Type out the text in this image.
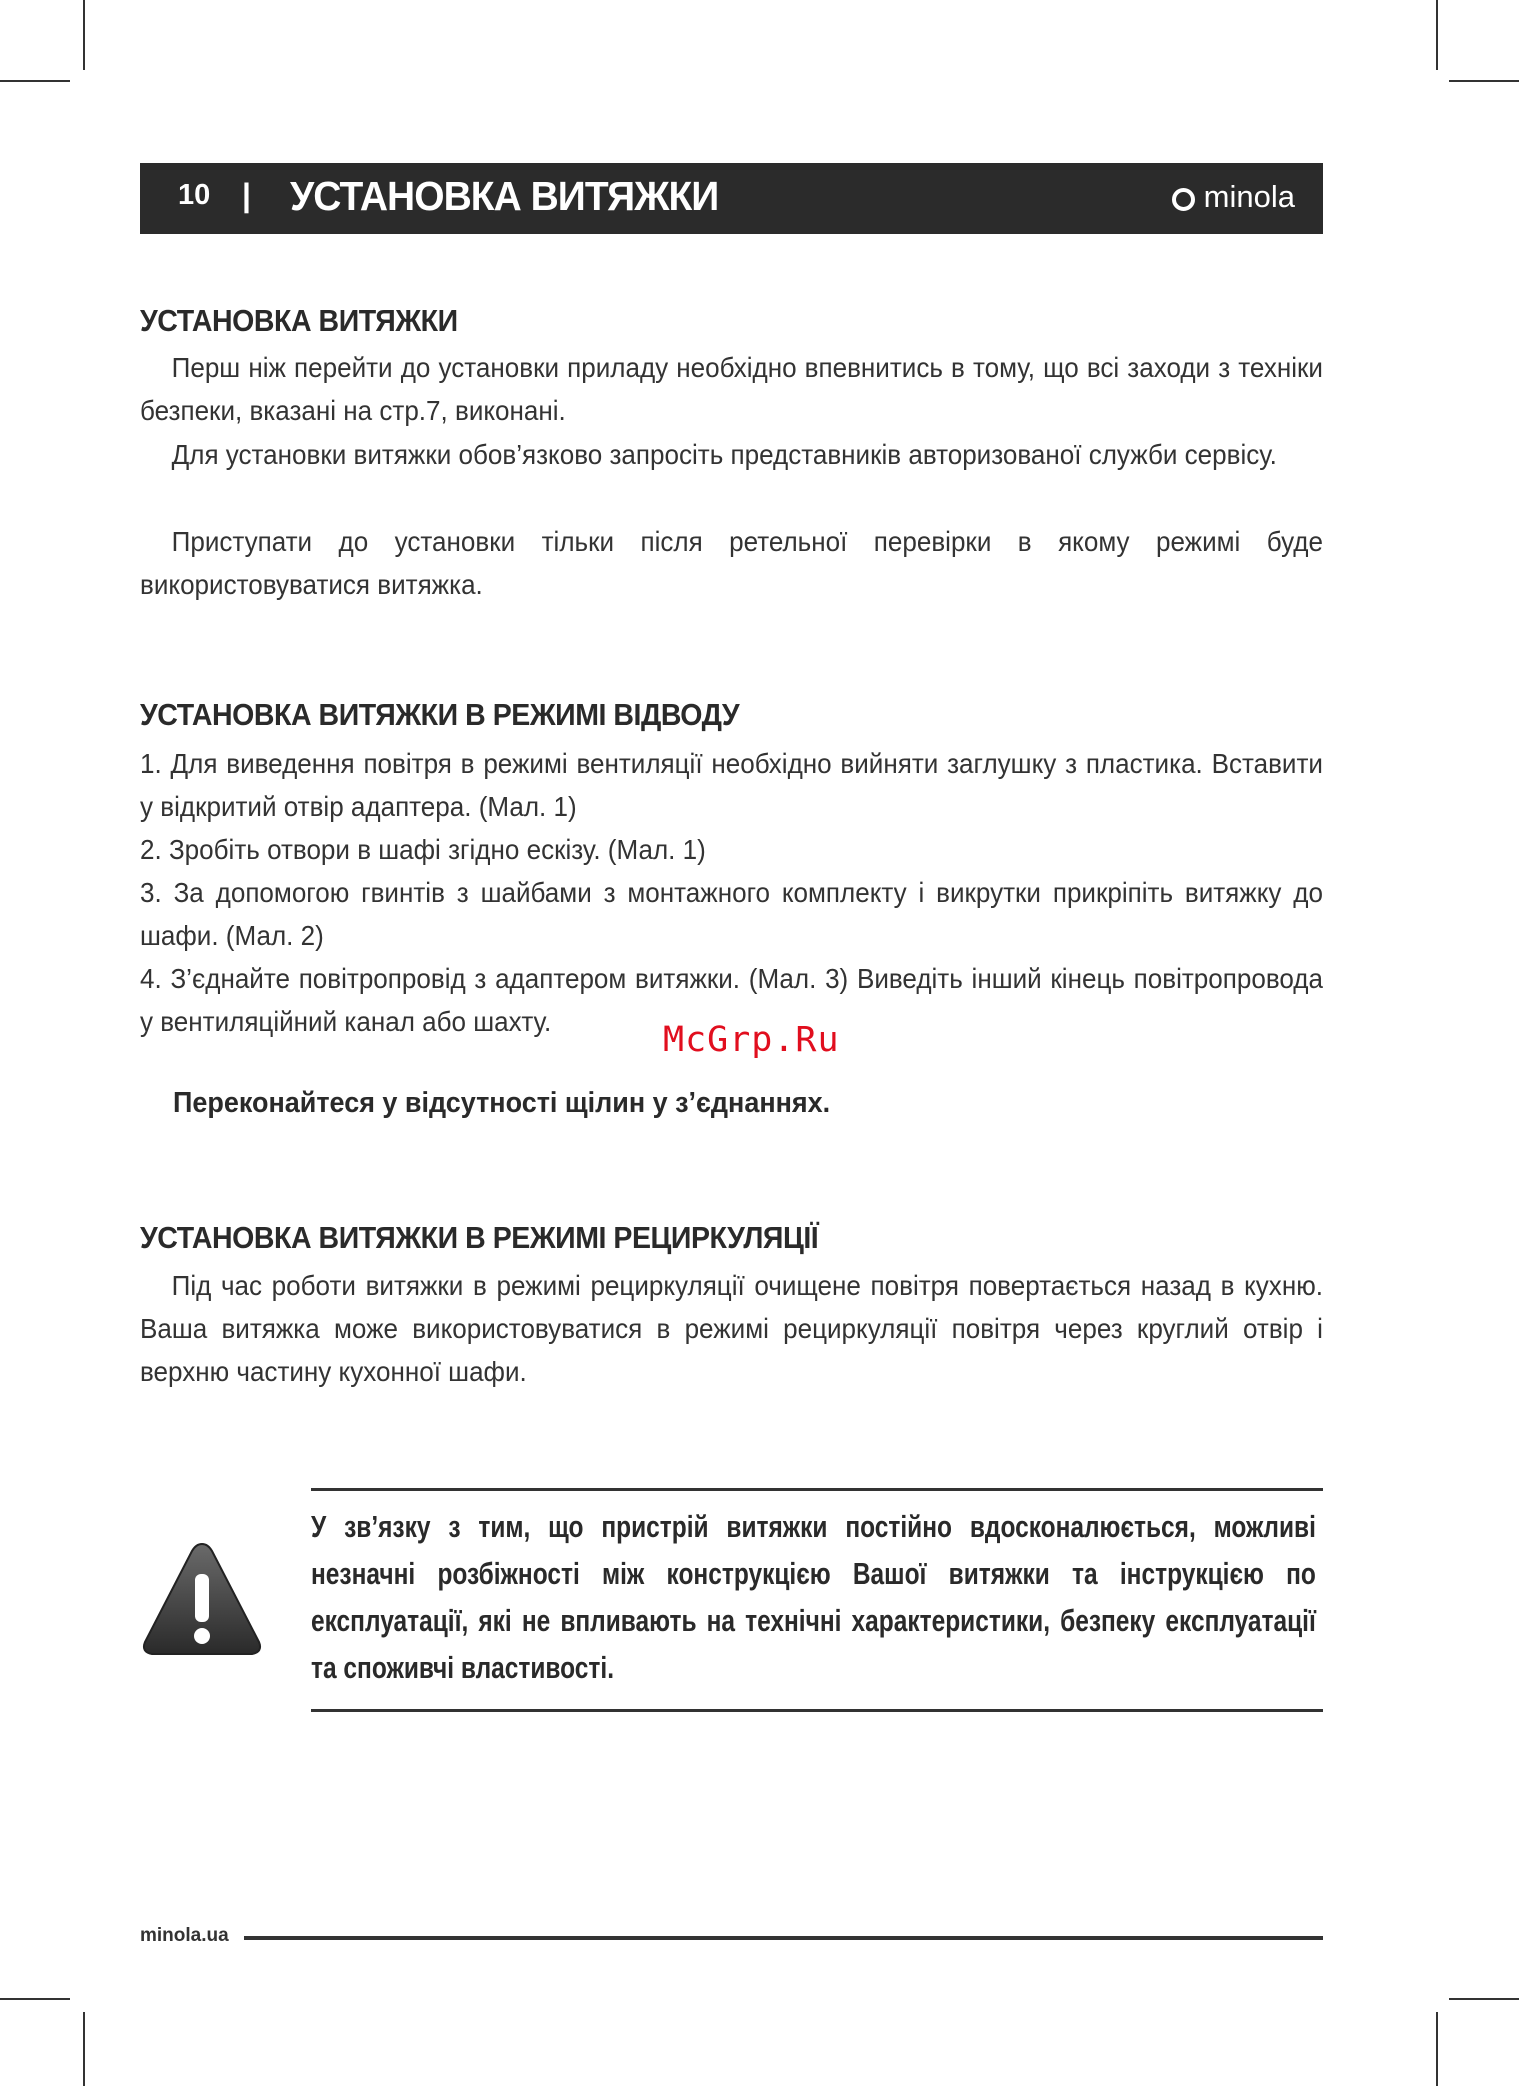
10 | УСТАНОВКА ВИТЯЖКИ	minola
УСТАНОВКА ВИТЯЖКИ

Перш ніж перейти до установки приладу необхідно впевнитись в тому, що всі заходи з техніки безпеки, вказані на стр.7, виконані.

Для установки витяжки обов’язково запросіть представників авторизованої служби сервісу.

Приступати до установки тільки після ретельної перевірки в якому режимі буде використовуватися витяжка.

УСТАНОВКА ВИТЯЖКИ В РЕЖИМІ ВІДВОДУ

1. Для виведення повітря в режимі вентиляції необхідно вийняти заглушку з пластика. Вставити у відкритий отвір адаптера. (Мал. 1)

2. Зробіть отвори в шафі згідно ескізу. (Мал. 1)

3. За допомогою гвинтів з шайбами з монтажного комплекту і викрутки прикріпіть витяжку до шафи. (Мал. 2)

4. З’єднайте повітропровід з адаптером витяжки. (Мал. 3) Виведіть інший кінець повітропровода у вентиляційний канал або шахту.

Переконайтеся у відсутності щілин у з’єднаннях.
УСТАНОВКА ВИТЯЖКИ В РЕЖИМІ РЕЦИРКУЛЯЦІЇ

Під час роботи витяжки в режимі рециркуляції очищене повітря повертається назад в кухню. Ваша витяжка може використовуватися в режимі рециркуляції повітря через круглий отвір і верхню частину кухонної шафи.

У зв’язку з тим, що пристрій витяжки постійно вдосконалюється, можливі незначні розбіжності між конструкцією Вашої витяжки та інструкцією по експлуатації, які не впливають на технічні характеристики, безпеку експлуатації та споживчі властивості.

McGrp.Ru
minola.ua
